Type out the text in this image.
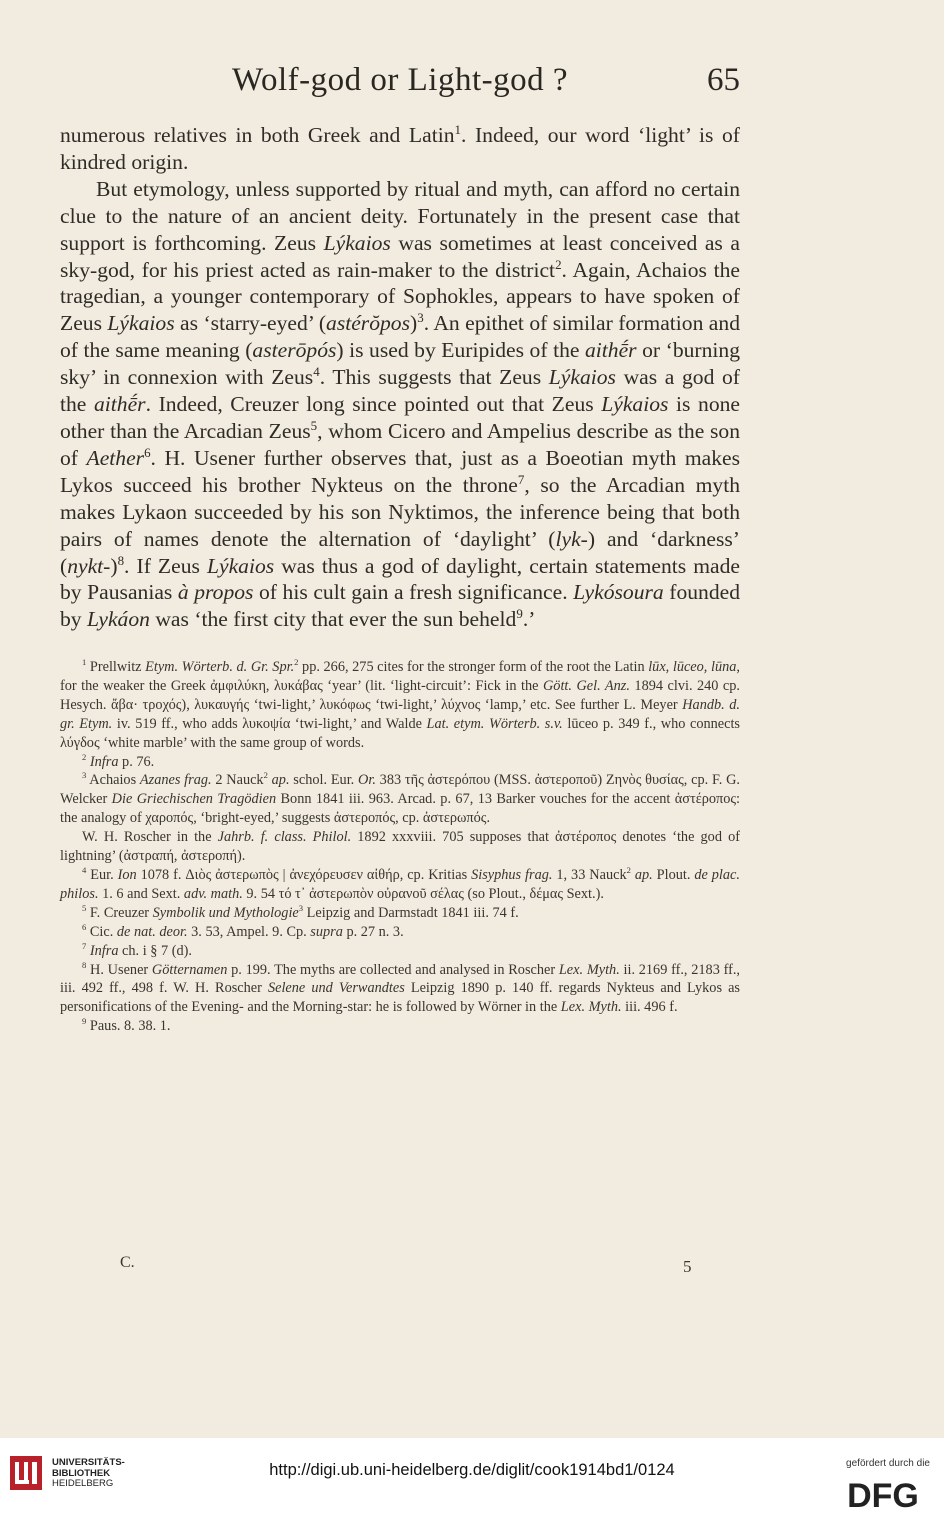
Wolf-god or Light-god ?	65

numerous relatives in both Greek and Latin$^1$. Indeed, our word ‘light’ is of kindred origin.

But etymology, unless supported by ritual and myth, can afford no certain clue to the nature of an ancient deity. Fortunately in the present case that support is forthcoming. Zeus Lýkaios was sometimes at least conceived as a sky-god, for his priest acted as rain-maker to the district$^2$. Again, Achaios the tragedian, a younger contemporary of Sophokles, appears to have spoken of Zeus Lýkaios as ‘starry-eyed’ (astérŏpos)$^3$. An epithet of similar formation and of the same meaning (asterōpós) is used by Euripides of the aithḗr or ‘burning sky’ in connexion with Zeus$^4$. This suggests that Zeus Lýkaios was a god of the aithḗr. Indeed, Creuzer long since pointed out that Zeus Lýkaios is none other than the Arcadian Zeus$^5$, whom Cicero and Ampelius describe as the son of Aether$^6$. H. Usener further observes that, just as a Boeotian myth makes Lykos succeed his brother Nykteus on the throne$^7$, so the Arcadian myth makes Lykaon succeeded by his son Nyktimos, the inference being that both pairs of names denote the alternation of ‘daylight’ (lyk-) and ‘darkness’ (nykt-)$^8$. If Zeus Lýkaios was thus a god of daylight, certain statements made by Pausanias à propos of his cult gain a fresh significance. Lykósoura founded by Lykáon was ‘the first city that ever the sun beheld$^9$.’

$^1$ Prellwitz Etym. Wörterb. d. Gr. Spr.$^2$ pp. 266, 275 cites for the stronger form of the root the Latin lūx, lūceo, lūna, for the weaker the Greek ἀμφιλύκη, λυκάβας ‘year’ (lit. ‘light-circuit’: Fick in the Gött. Gel. Anz. 1894 clvi. 240 cp. Hesych. ἄβα· τροχός), λυκαυγής ‘twi-light,’ λυκόφως ‘twi-light,’ λύχνος ‘lamp,’ etc. See further L. Meyer Handb. d. gr. Etym. iv. 519 ff., who adds λυκοψία ‘twi-light,’ and Walde Lat. etym. Wörterb. s.v. lūceo p. 349 f., who connects λύγδος ‘white marble’ with the same group of words.

$^2$ Infra p. 76.

$^3$ Achaios Azanes frag. 2 Nauck$^2$ ap. schol. Eur. Or. 383 τῆς ἀστερόπου (MSS. ἀστεροποῦ) Ζηνὸς θυσίας, cp. F. G. Welcker Die Griechischen Tragödien Bonn 1841 iii. 963. Arcad. p. 67, 13 Barker vouches for the accent ἀστέροπος: the analogy of χαροπός, ‘bright-eyed,’ suggests ἀστεροπός, cp. ἀστερωπός.

W. H. Roscher in the Jahrb. f. class. Philol. 1892 xxxviii. 705 supposes that ἀστέροπος denotes ‘the god of lightning’ (ἀστραπή, ἀστεροπή).

$^4$ Eur. Ion 1078 f. Διὸς ἀστερωπὸς | ἀνεχόρευσεν αἰθήρ, cp. Kritias Sisyphus frag. 1, 33 Nauck$^2$ ap. Plout. de plac. philos. 1. 6 and Sext. adv. math. 9. 54 τό τ᾽ ἀστερωπὸν οὐρανοῦ σέλας (so Plout., δέμας Sext.).

$^5$ F. Creuzer Symbolik und Mythologie$^3$ Leipzig and Darmstadt 1841 iii. 74 f.

$^6$ Cic. de nat. deor. 3. 53, Ampel. 9. Cp. supra p. 27 n. 3.

$^7$ Infra ch. i § 7 (d).

$^8$ H. Usener Götternamen p. 199. The myths are collected and analysed in Roscher Lex. Myth. ii. 2169 ff., 2183 ff., iii. 492 ff., 498 f. W. H. Roscher Selene und Verwandtes Leipzig 1890 p. 140 ff. regards Nykteus and Lykos as personifications of the Evening- and the Morning-star: he is followed by Wörner in the Lex. Myth. iii. 496 f.

$^9$ Paus. 8. 38. 1.

C.	5
UNIVERSITÄTS-
BIBLIOTHEK
HEIDELBERG
http://digi.ub.uni-heidelberg.de/diglit/cook1914bd1/0124	gefördert durch die
DFG
